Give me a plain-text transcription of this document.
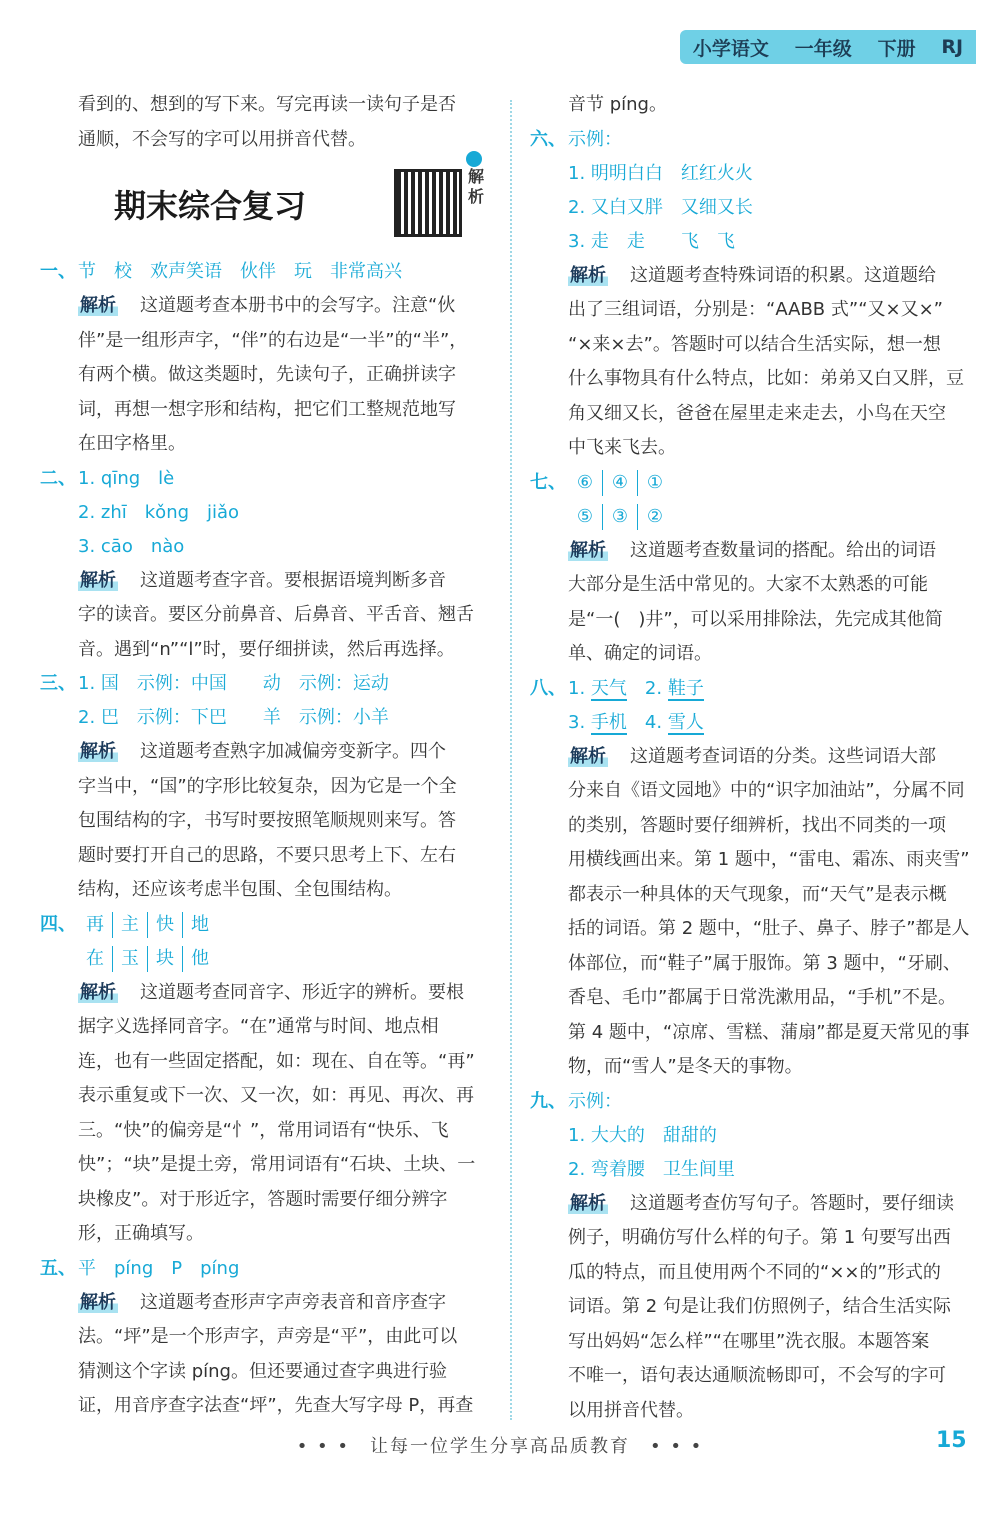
小学语文 一年级 下册 RJ

看到的、想到的写下来。写完再读一读句子是否

通顺，不会写的字可以用拼音代替。

期末综合复习
解析

一、 节　校　欢声笑语　伙伴　玩　非常高兴

解析 这道题考查本册书中的会写字。注意“伙

伴”是一组形声字，“伴”的右边是“一半”的“半”，

有两个横。做这类题时，先读句子，正确拼读字

词，再想一想字形和结构，把它们工整规范地写

在田字格里。

二、 1. qīng　lè

2. zhī　kǒng　jiǎo

3. cāo　nào

解析 这道题考查字音。要根据语境判断多音

字的读音。要区分前鼻音、后鼻音、平舌音、翘舌

音。遇到“n”“l”时，要仔细拼读，然后再选择。

三、 1. 国　示例：中国　　动　示例：运动

2. 巴　示例：下巴　　羊　示例：小羊

解析 这道题考查熟字加减偏旁变新字。四个

字当中，“国”的字形比较复杂，因为它是一个全

包围结构的字，书写时要按照笔顺规则来写。答

题时要打开自己的思路，不要只思考上下、左右

结构，还应该考虑半包围、全包围结构。

四、 再 主 快 地
在 玉 块 他

解析 这道题考查同音字、形近字的辨析。要根

据字义选择同音字。“在”通常与时间、地点相

连，也有一些固定搭配，如：现在、自在等。“再”

表示重复或下一次、又一次，如：再见、再次、再

三。“快”的偏旁是“忄”，常用词语有“快乐、飞

快”；“块”是提土旁，常用词语有“石块、土块、一

块橡皮”。对于形近字，答题时需要仔细分辨字

形，正确填写。

五、 平　píng　P　píng

解析 这道题考查形声字声旁表音和音序查字

法。“坪”是一个形声字，声旁是“平”，由此可以

猜测这个字读 píng。但还要通过查字典进行验

证，用音序查字法查“坪”，先查大写字母 P，再查

音节 píng。

六、 示例：

1. 明明白白　红红火火

2. 又白又胖　又细又长

3. 走　走　　飞　飞

解析 这道题考查特殊词语的积累。这道题给

出了三组词语，分别是：“AABB 式”“又×又×”

“×来×去”。答题时可以结合生活实际，想一想

什么事物具有什么特点，比如：弟弟又白又胖，豆

角又细又长，爸爸在屋里走来走去，小鸟在天空

中飞来飞去。

七、 ⑥ ④ ①
⑤ ③ ②

解析 这道题考查数量词的搭配。给出的词语

大部分是生活中常见的。大家不太熟悉的可能

是“一(　)井”，可以采用排除法，先完成其他简

单、确定的词语。

八、 1. 天气　 2. 鞋子

3. 手机　 4. 雪人

解析 这道题考查词语的分类。这些词语大部

分来自《语文园地》中的“识字加油站”，分属不同

的类别，答题时要仔细辨析，找出不同类的一项

用横线画出来。第 1 题中，“雷电、霜冻、雨夹雪”

都表示一种具体的天气现象，而“天气”是表示概

括的词语。第 2 题中，“肚子、鼻子、脖子”都是人

体部位，而“鞋子”属于服饰。第 3 题中，“牙刷、

香皂、毛巾”都属于日常洗漱用品，“手机”不是。

第 4 题中，“凉席、雪糕、蒲扇”都是夏天常见的事

物，而“雪人”是冬天的事物。

九、 示例：

1. 大大的　甜甜的

2. 弯着腰　卫生间里

解析 这道题考查仿写句子。答题时，要仔细读

例子，明确仿写什么样的句子。第 1 句要写出西

瓜的特点，而且使用两个不同的“××的”形式的

词语。第 2 句是让我们仿照例子，结合生活实际

写出妈妈“怎么样”“在哪里”洗衣服。本题答案

不唯一，语句表达通顺流畅即可，不会写的字可

以用拼音代替。

• • •　让每一位学生分享高品质教育　• • •	15
